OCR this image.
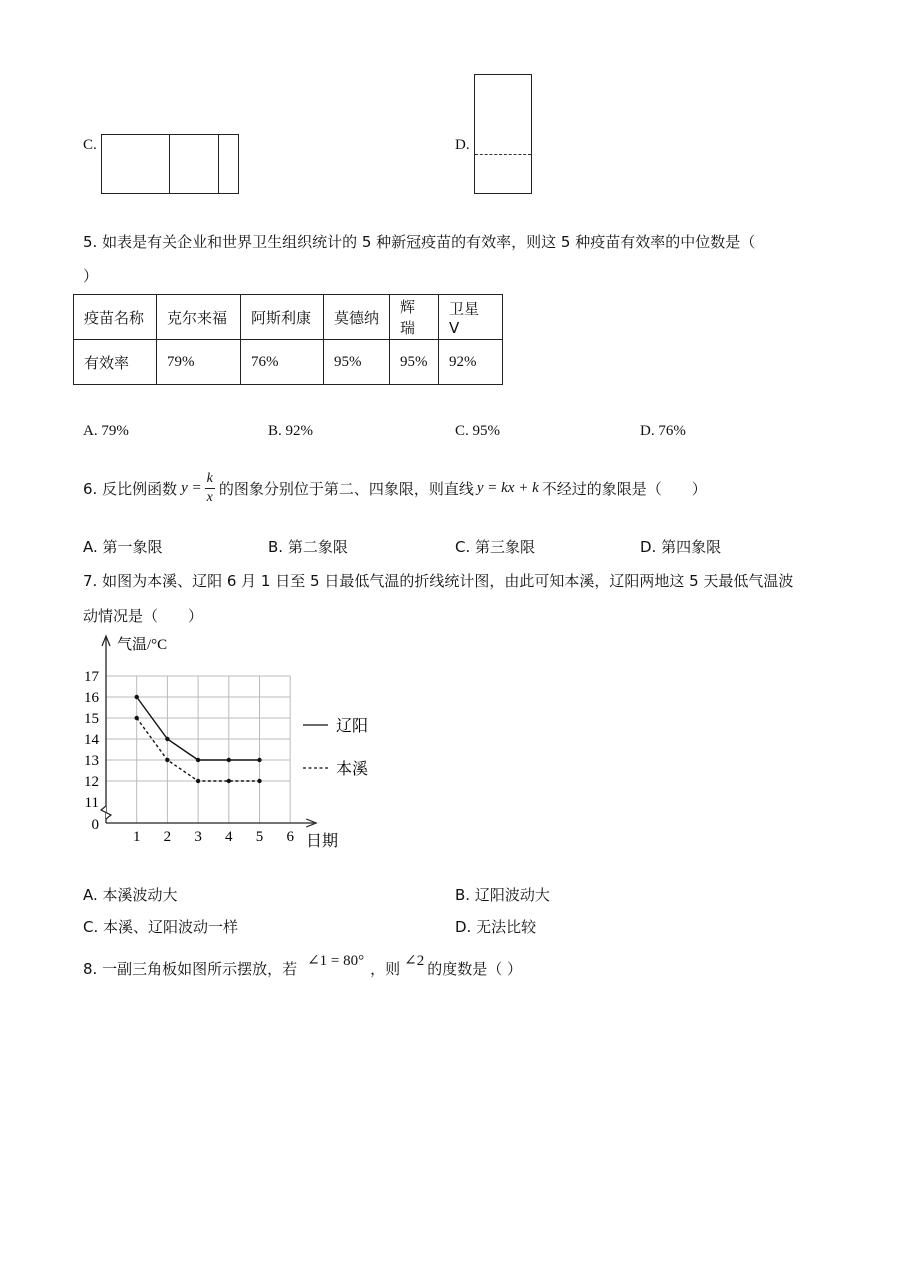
C.	D.
5. 如表是有关企业和世界卫生组织统计的 5 种新冠疫苗的有效率，则这 5 种疫苗有效率的中位数是（
）
疫苗名称	克尔来福	阿斯利康	莫德纳	辉瑞	卫星 V
有效率	79%	76%	95%	95%	92%
A. 79%	B. 92%	C. 95%	D. 76%
6. 反比例函数 $y = \frac{k}{x}$ 的图象分别位于第二、四象限，则直线 y = kx + k 不经过的象限是（　　）
A. 第一象限	B. 第二象限	C. 第三象限	D. 第四象限
7. 如图为本溪、辽阳 6 月 1 日至 5 日最低气温的折线统计图，由此可知本溪，辽阳两地这 5 天最低气温波
动情况是（　　）
1 2 3 4 5 6
0
11
12
13
14
15
16
17
辽阳
本溪
气温/°C
日期
A. 本溪波动大	B. 辽阳波动大
C. 本溪、辽阳波动一样	D. 无法比较
8. 一副三角板如图所示摆放，若 ∠1 = 80° ，则 ∠2 的度数是（ ）
